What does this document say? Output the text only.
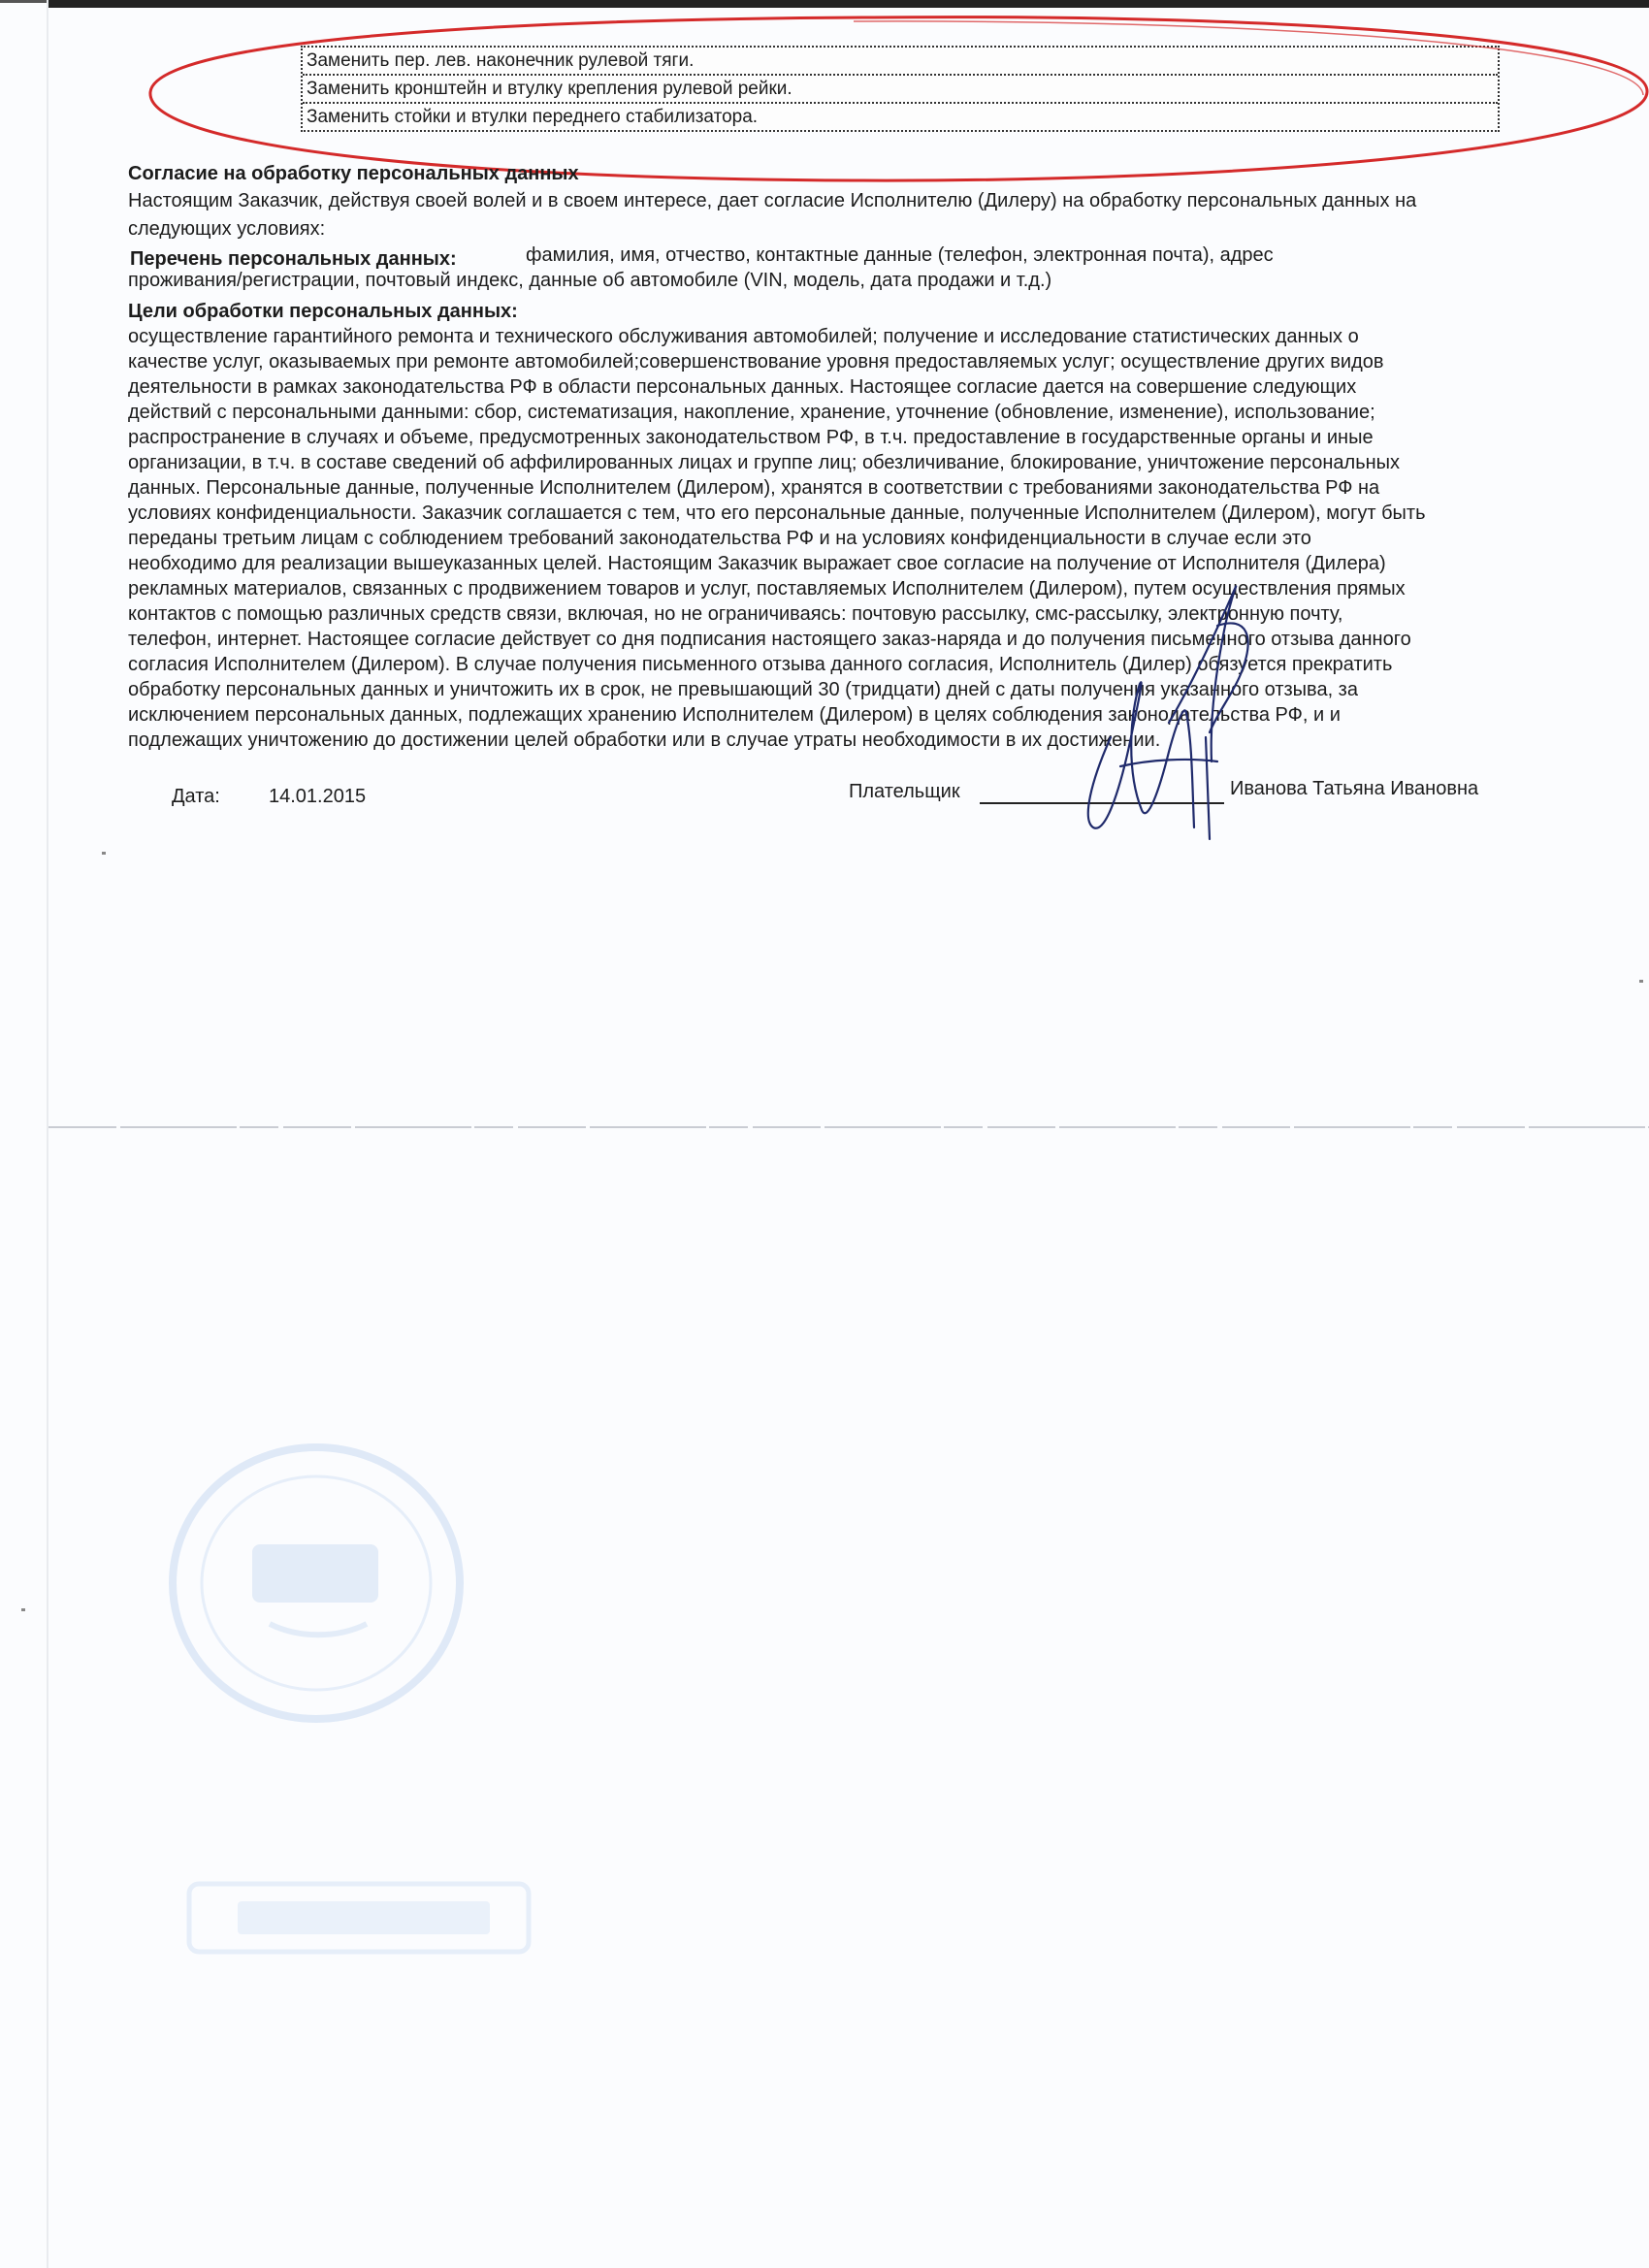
Заменить пер. лев. наконечник рулевой тяги.
Заменить кронштейн и втулку крепления рулевой рейки.
Заменить стойки и втулки переднего стабилизатора.
Согласие на обработку персональных данных
Настоящим Заказчик, действуя своей волей и в своем интересе, дает согласие Исполнителю (Дилеру) на обработку персональных данных на
следующих условиях:
Перечень персональных данных:	фамилия, имя, отчество, контактные данные (телефон, электронная почта), адрес
проживания/регистрации, почтовый индекс, данные об автомобиле (VIN, модель, дата продажи и т.д.)
Цели обработки персональных данных:
осуществление гарантийного ремонта и технического обслуживания автомобилей; получение и исследование статистических данных о
качестве услуг, оказываемых при ремонте автомобилей;совершенствование уровня предоставляемых услуг; осуществление других видов
деятельности в рамках законодательства РФ в области персональных данных. Настоящее согласие дается на совершение следующих
действий с персональными данными: сбор, систематизация, накопление, хранение, уточнение (обновление, изменение), использование;
распространение в случаях и объеме, предусмотренных законодательством РФ, в т.ч. предоставление в государственные органы и иные
организации, в т.ч. в составе сведений об аффилированных лицах и группе лиц; обезличивание, блокирование, уничтожение персональных
данных. Персональные данные, полученные Исполнителем (Дилером), хранятся в соответствии с требованиями законодательства РФ на
условиях конфиденциальности. Заказчик соглашается с тем, что его персональные данные, полученные Исполнителем (Дилером), могут быть
переданы третьим лицам с соблюдением требований законодательства РФ и на условиях конфиденциальности в случае если это
необходимо для реализации вышеуказанных целей. Настоящим Заказчик выражает свое согласие на получение от Исполнителя (Дилера)
рекламных материалов, связанных с продвижением товаров и услуг, поставляемых Исполнителем (Дилером), путем осуществления прямых
контактов с помощью различных средств связи, включая, но не ограничиваясь: почтовую рассылку, смс-рассылку, электронную почту,
телефон, интернет. Настоящее согласие действует со дня подписания настоящего заказ-наряда и до получения письменного отзыва данного
согласия Исполнителем (Дилером). В случае получения письменного отзыва данного согласия, Исполнитель (Дилер) обязуется прекратить
обработку персональных данных и уничтожить их в срок, не превышающий 30 (тридцати) дней с даты получения указанного отзыва, за
исключением персональных данных, подлежащих хранению Исполнителем (Дилером) в целях соблюдения законодательства РФ, и и
подлежащих уничтожению до достижении целей обработки или в случае утраты необходимости в их достижении.
Дата:	14.01.2015	Плательщик	Иванова Татьяна Ивановна
